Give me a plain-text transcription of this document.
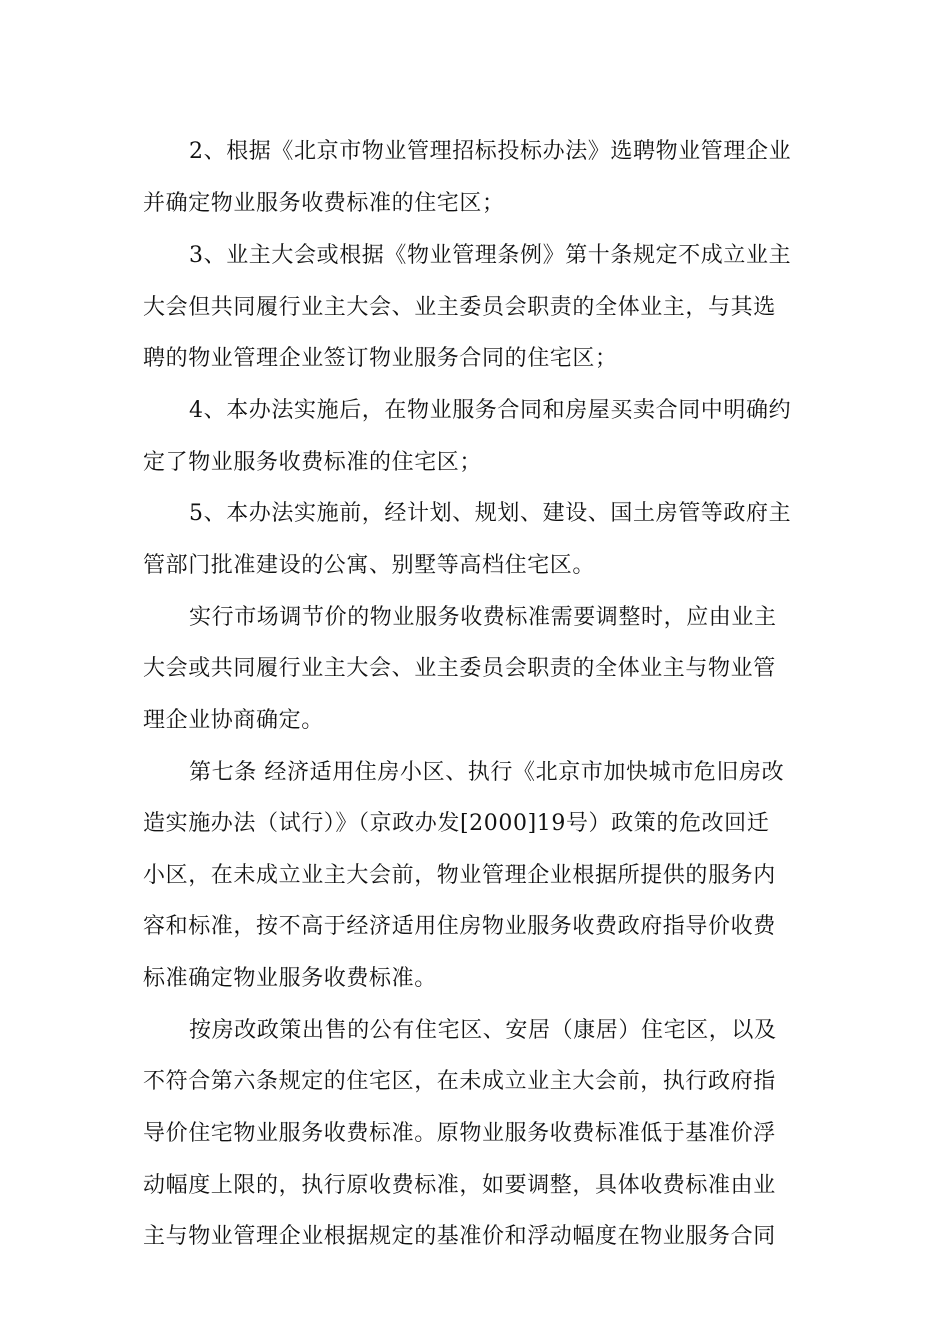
2、根据《北京市物业管理招标投标办法》选聘物业管理企业
并确定物业服务收费标准的住宅区；
3、业主大会或根据《物业管理条例》第十条规定不成立业主
大会但共同履行业主大会、业主委员会职责的全体业主，与其选
聘的物业管理企业签订物业服务合同的住宅区；
4、本办法实施后，在物业服务合同和房屋买卖合同中明确约
定了物业服务收费标准的住宅区；
5、本办法实施前，经计划、规划、建设、国土房管等政府主
管部门批准建设的公寓、别墅等高档住宅区。
实行市场调节价的物业服务收费标准需要调整时，应由业主
大会或共同履行业主大会、业主委员会职责的全体业主与物业管
理企业协商确定。
第七条 经济适用住房小区、执行《北京市加快城市危旧房改
造实施办法（试行）》（京政办发[2000]19号）政策的危改回迁
小区，在未成立业主大会前，物业管理企业根据所提供的服务内
容和标准，按不高于经济适用住房物业服务收费政府指导价收费
标准确定物业服务收费标准。
按房改政策出售的公有住宅区、安居（康居）住宅区，以及
不符合第六条规定的住宅区，在未成立业主大会前，执行政府指
导价住宅物业服务收费标准。原物业服务收费标准低于基准价浮
动幅度上限的，执行原收费标准，如要调整，具体收费标准由业
主与物业管理企业根据规定的基准价和浮动幅度在物业服务合同
